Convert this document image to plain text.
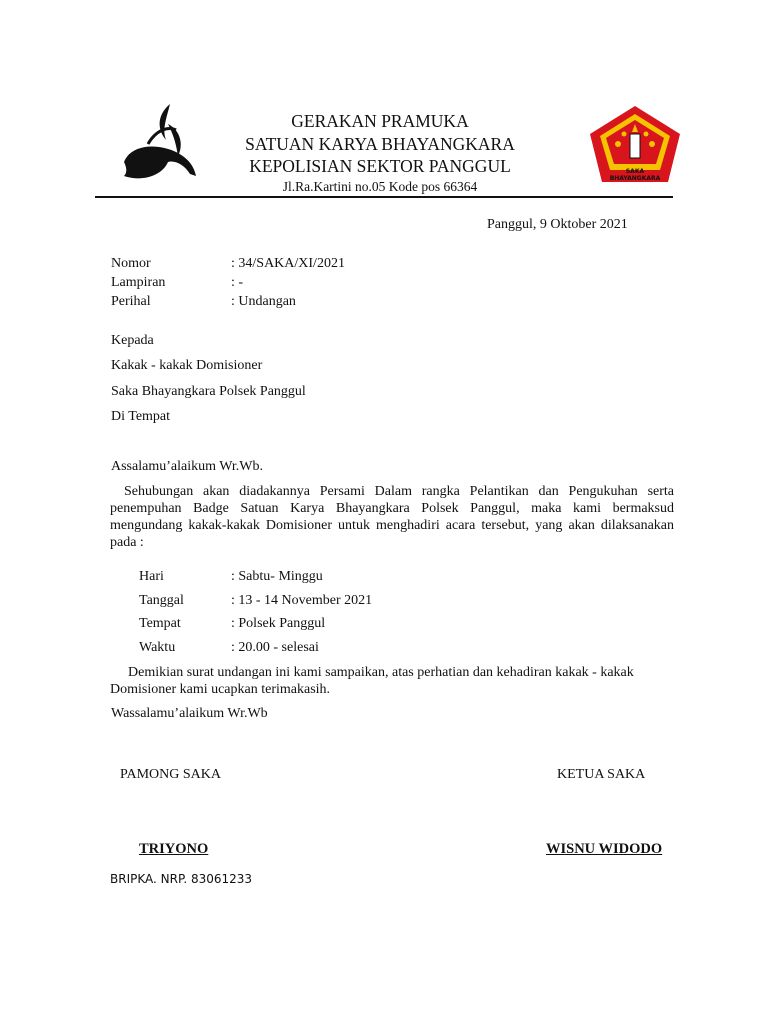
GERAKAN PRAMUKA
SATUAN KARYA BHAYANGKARA
KEPOLISIAN SEKTOR PANGGUL
Jl.Ra.Kartini no.05 Kode pos 66364
SAKA BHAYANGKARA
Panggul, 9 Oktober 2021
Nomor	: 34/SAKA/XI/2021
Lampiran	: -
Perihal	: Undangan
Kepada
Kakak - kakak Domisioner
Saka Bhayangkara Polsek Panggul
Di Tempat
Assalamu’alaikum Wr.Wb.
Sehubungan akan diadakannya Persami Dalam rangka Pelantikan dan Pengukuhan serta penempuhan Badge Satuan Karya Bhayangkara Polsek Panggul, maka kami bermaksud mengundang kakak-kakak Domisioner untuk menghadiri acara tersebut, yang akan dilaksanakan pada :
Hari	: Sabtu- Minggu
Tanggal	: 13 - 14 November 2021
Tempat	: Polsek Panggul
Waktu	: 20.00 - selesai
Demikian surat undangan ini kami sampaikan, atas perhatian dan kehadiran kakak - kakak Domisioner kami ucapkan terimakasih.
Wassalamu’alaikum Wr.Wb
PAMONG SAKA	KETUA SAKA
TRIYONO	WISNU WIDODO
BRIPKA. NRP. 83061233
